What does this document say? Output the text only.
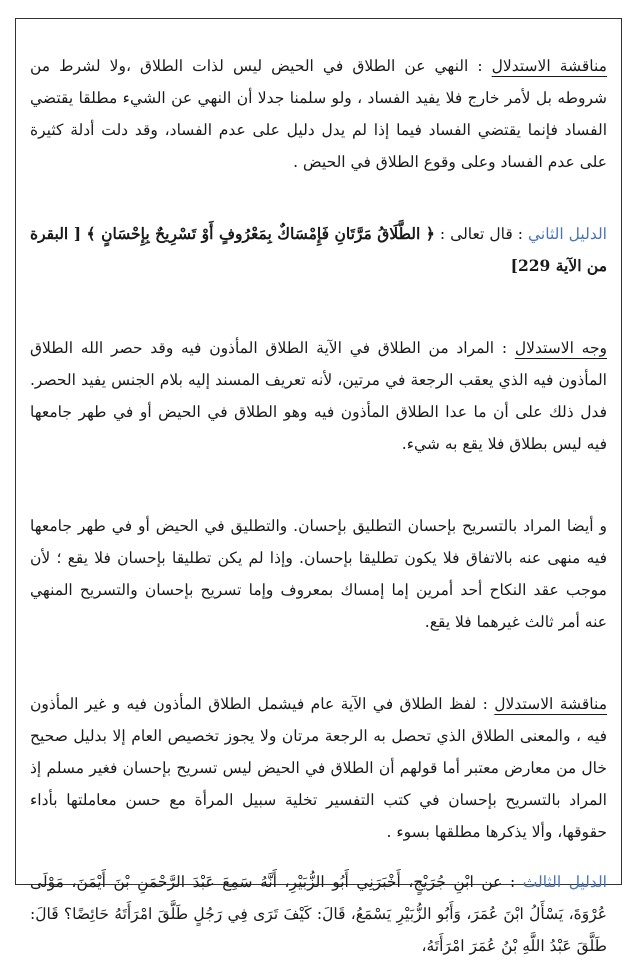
مناقشة الاستدلال : النهي عن الطلاق في الحيض ليس لذات الطلاق ،ولا لشرط من شروطه بل لأمر خارج فلا يفيد الفساد ، ولو سلمنا جدلا أن النهي عن الشيء مطلقا يقتضي الفساد فإنما يقتضي الفساد فيما إذا لم يدل دليل على عدم الفساد، وقد دلت أدلة كثيرة على عدم الفساد وعلى وقوع الطلاق في الحيض .

الدليل الثاني : قال تعالى : ﴿ الطَّلَاقُ مَرَّتَانِ فَإِمْسَاكٌ بِمَعْرُوفٍ أَوْ تَسْرِيحٌ بِإِحْسَانٍ ﴾ [ البقرة من الآية 229]

وجه الاستدلال : المراد من الطلاق في الآية الطلاق المأذون فيه وقد حصر الله الطلاق المأذون فيه الذي يعقب الرجعة في مرتين، لأنه تعريف المسند إليه بلام الجنس يفيد الحصر. فدل ذلك على أن ما عدا الطلاق المأذون فيه وهو الطلاق في الحيض أو في طهر جامعها فيه ليس بطلاق فلا يقع به شيء.

و أيضا المراد بالتسريح بإحسان التطليق بإحسان. والتطليق في الحيض أو في طهر جامعها فيه منهى عنه بالاتفاق فلا يكون تطليقا بإحسان. وإذا لم يكن تطليقا بإحسان فلا يقع ؛ لأن موجب عقد النكاح أحد أمرين إما إمساك بمعروف وإما تسريح بإحسان والتسريح المنهي عنه أمر ثالث غيرهما فلا يقع.

مناقشة الاستدلال : لفظ الطلاق في الآية عام فيشمل الطلاق المأذون فيه و غير المأذون فيه ، والمعنى الطلاق الذي تحصل به الرجعة مرتان ولا يجوز تخصيص العام إلا بدليل صحيح خال من معارض معتبر أما قولهم أن الطلاق في الحيض ليس تسريح بإحسان فغير مسلم إذ المراد بالتسريح بإحسان في كتب التفسير تخلية سبيل المرأة مع حسن معاملتها بأداء حقوقها، وألا يذكرها مطلقها بسوء .

الدليل الثالث : عن ابْنِ جُرَيْجٍ، أَخْبَرَنِي أَبُو الزُّبَيْرِ، أَنَّهُ سَمِعَ عَبْدَ الرَّحْمَنِ بْنَ أَيْمَنَ، مَوْلَى عُرْوَةَ، يَسْأَلُ ابْنَ عُمَرَ، وَأَبُو الزُّبَيْرِ يَسْمَعُ، قَالَ: كَيْفَ تَرَى فِي رَجُلٍ طَلَّقَ امْرَأَتَهُ حَائِضًا؟ قَالَ: طَلَّقَ عَبْدُ اللَّهِ بْنُ عُمَرَ امْرَأَتَهُ،
